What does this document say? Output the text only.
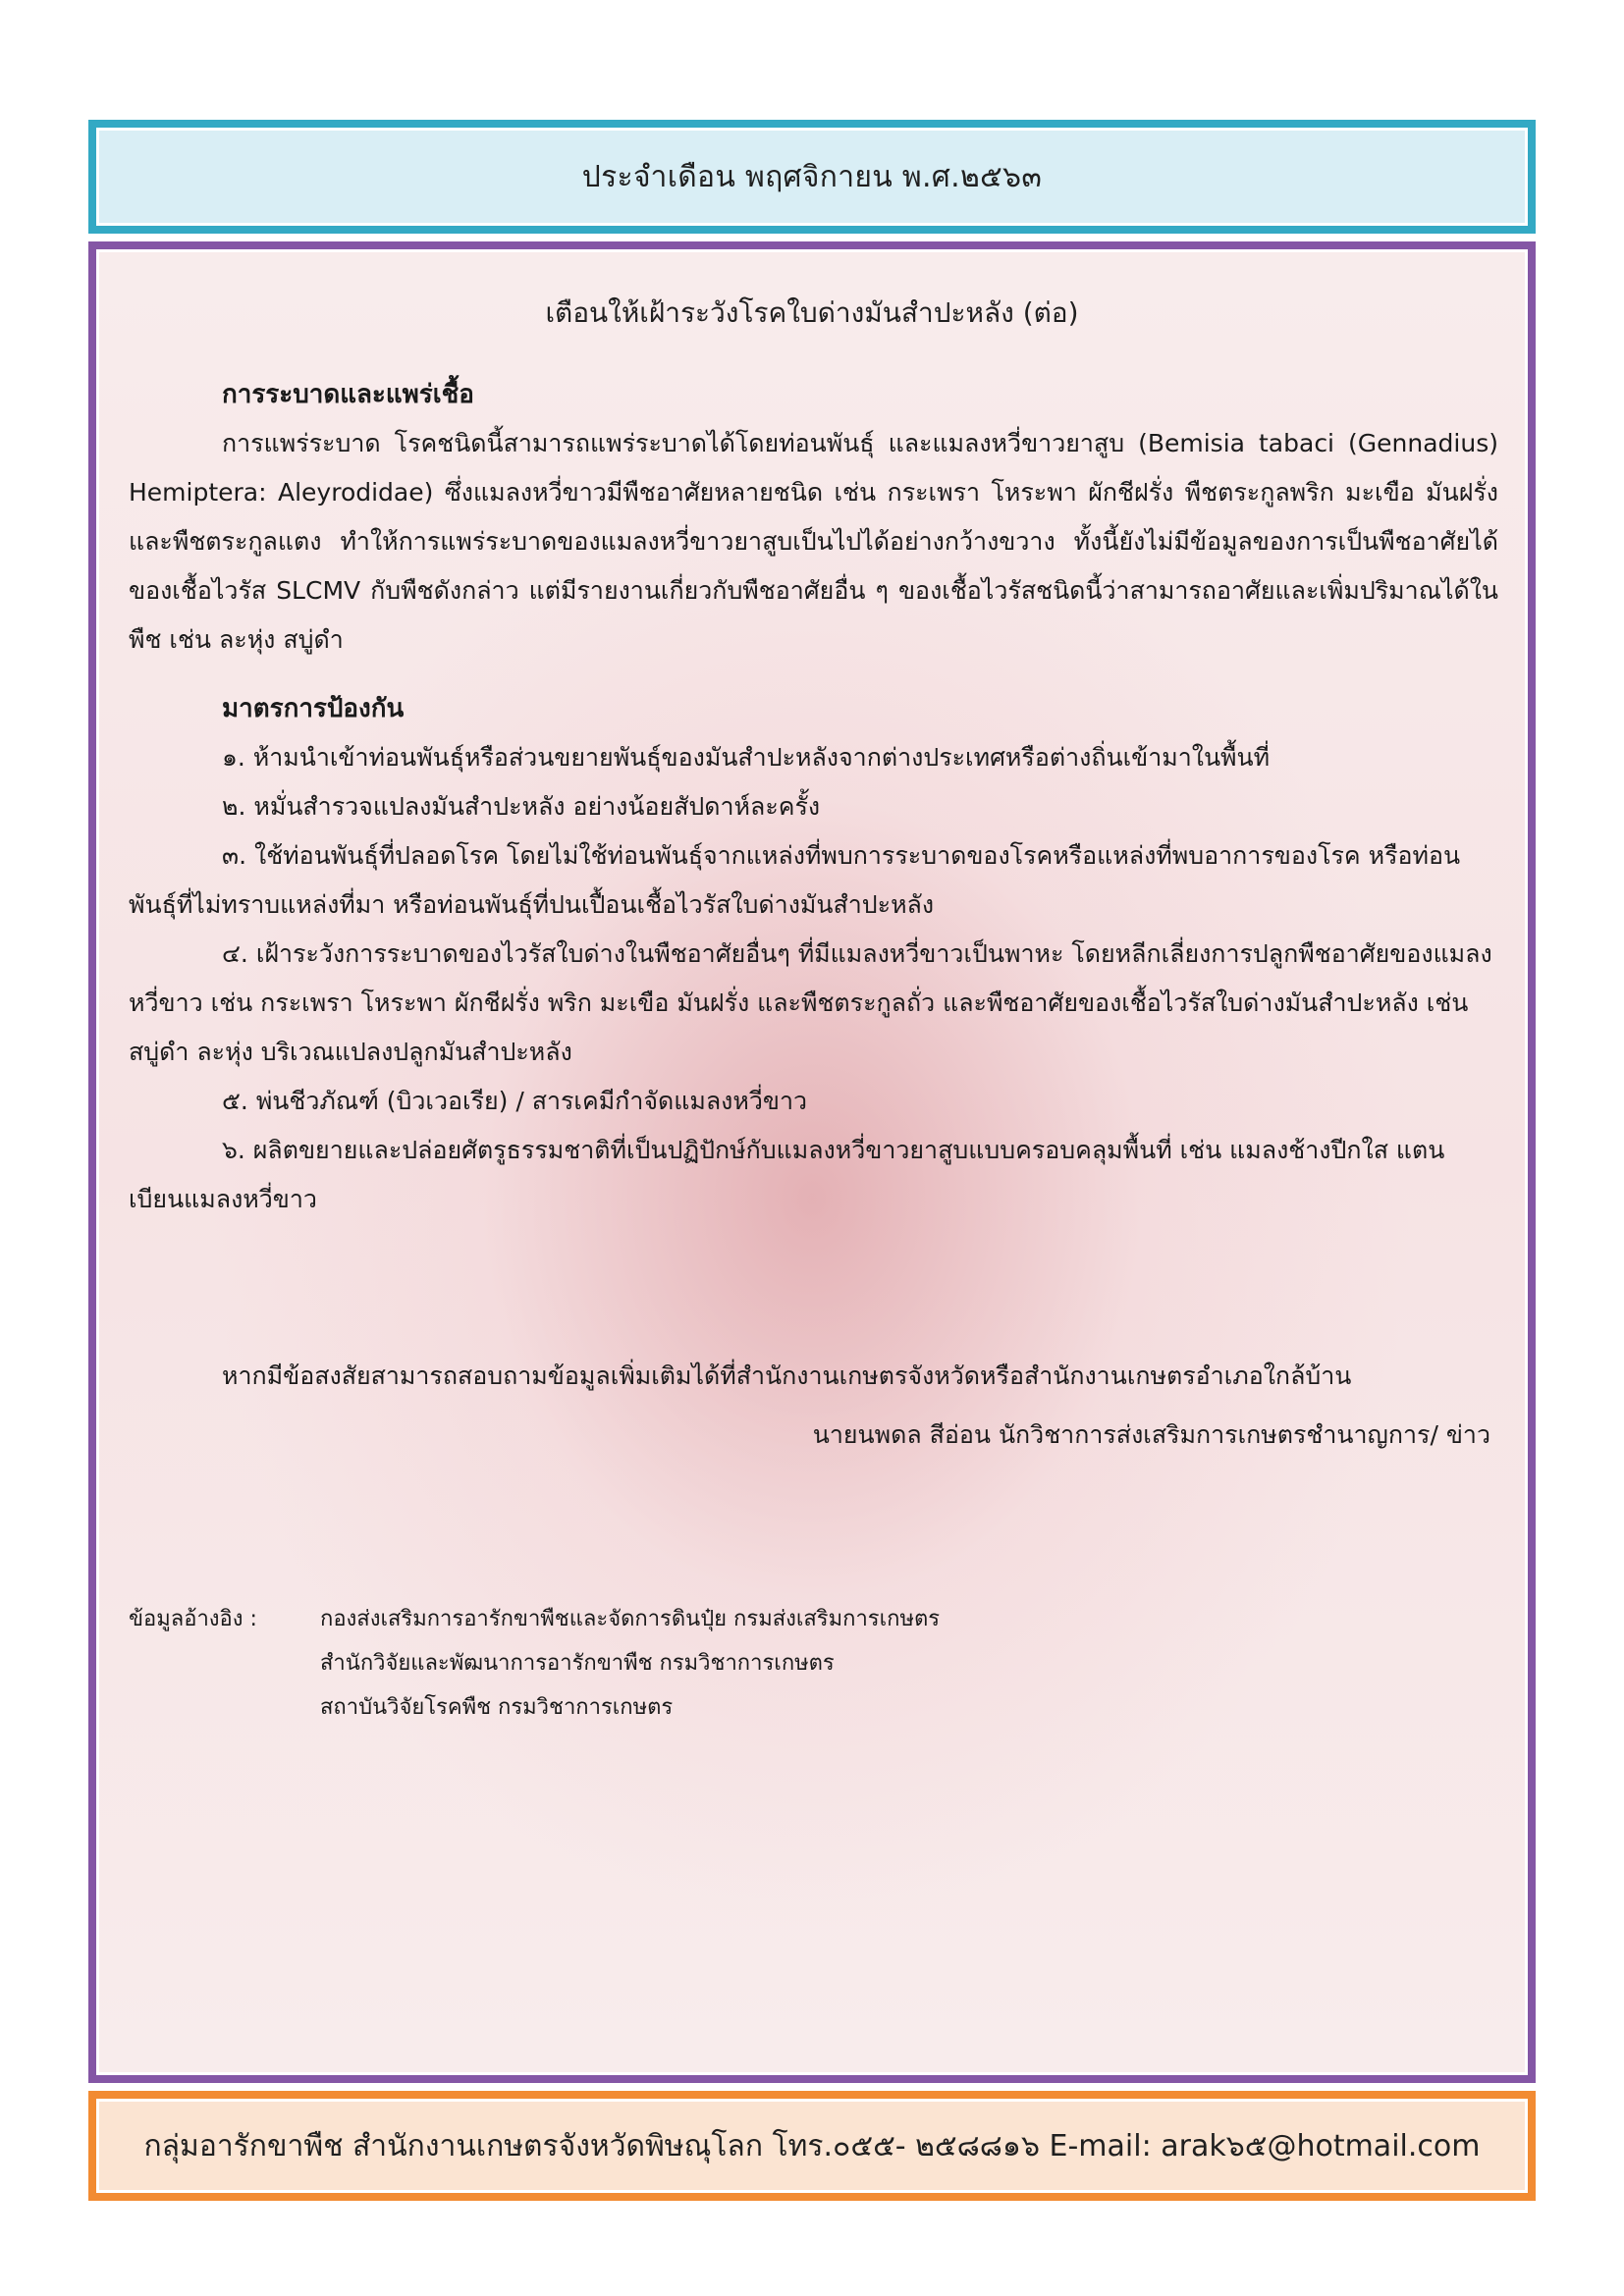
ประจำเดือน พฤศจิกายน พ.ศ.๒๕๖๓
เตือนให้เฝ้าระวังโรคใบด่างมันสำปะหลัง (ต่อ)
การระบาดและแพร่เชื้อ
การแพร่ระบาด โรคชนิดนี้สามารถแพร่ระบาดได้โดยท่อนพันธุ์ และแมลงหวี่ขาวยาสูบ (Bemisia tabaci (Gennadius) Hemiptera: Aleyrodidae) ซึ่งแมลงหวี่ขาวมีพืชอาศัยหลายชนิด เช่น กระเพรา โหระพา ผักชีฝรั่ง พืชตระกูลพริก มะเขือ มันฝรั่ง และพืชตระกูลแตง ทำให้การแพร่ระบาดของแมลงหวี่ขาวยาสูบเป็นไปได้อย่างกว้างขวาง ทั้งนี้ยังไม่มีข้อมูลของการเป็นพืชอาศัยได้ของเชื้อไวรัส SLCMV กับพืชดังกล่าว แต่มีรายงานเกี่ยวกับพืชอาศัยอื่น ๆ ของเชื้อไวรัสชนิดนี้ว่าสามารถอาศัยและเพิ่มปริมาณได้ในพืช เช่น ละหุ่ง สบู่ดำ
มาตรการป้องกัน
๑. ห้ามนำเข้าท่อนพันธุ์หรือส่วนขยายพันธุ์ของมันสำปะหลังจากต่างประเทศหรือต่างถิ่นเข้ามาในพื้นที่
๒. หมั่นสำรวจแปลงมันสำปะหลัง อย่างน้อยสัปดาห์ละครั้ง
๓. ใช้ท่อนพันธุ์ที่ปลอดโรค โดยไม่ใช้ท่อนพันธุ์จากแหล่งที่พบการระบาดของโรคหรือแหล่งที่พบอาการของโรค หรือท่อนพันธุ์ที่ไม่ทราบแหล่งที่มา หรือท่อนพันธุ์ที่ปนเปื้อนเชื้อไวรัสใบด่างมันสำปะหลัง
๔. เฝ้าระวังการระบาดของไวรัสใบด่างในพืชอาศัยอื่นๆ ที่มีแมลงหวี่ขาวเป็นพาหะ โดยหลีกเลี่ยงการปลูกพืชอาศัยของแมลงหวี่ขาว เช่น กระเพรา โหระพา ผักชีฝรั่ง พริก มะเขือ มันฝรั่ง และพืชตระกูลถั่ว และพืชอาศัยของเชื้อไวรัสใบด่างมันสำปะหลัง เช่น สบู่ดำ ละหุ่ง บริเวณแปลงปลูกมันสำปะหลัง
๕. พ่นชีวภัณฑ์ (บิวเวอเรีย) / สารเคมีกำจัดแมลงหวี่ขาว
๖. ผลิตขยายและปล่อยศัตรูธรรมชาติที่เป็นปฏิปักษ์กับแมลงหวี่ขาวยาสูบแบบครอบคลุมพื้นที่ เช่น แมลงช้างปีกใส แตนเบียนแมลงหวี่ขาว
หากมีข้อสงสัยสามารถสอบถามข้อมูลเพิ่มเติมได้ที่สำนักงานเกษตรจังหวัดหรือสำนักงานเกษตรอำเภอใกล้บ้าน
นายนพดล สีอ่อน นักวิชาการส่งเสริมการเกษตรชำนาญการ/ ข่าว
ข้อมูลอ้างอิง :	กองส่งเสริมการอารักขาพืชและจัดการดินปุ๋ย กรมส่งเสริมการเกษตร
สำนักวิจัยและพัฒนาการอารักขาพืช กรมวิชาการเกษตร
สถาบันวิจัยโรคพืช กรมวิชาการเกษตร
กลุ่มอารักขาพืช สำนักงานเกษตรจังหวัดพิษณุโลก โทร.๐๕๕- ๒๕๘๘๑๖ E-mail: arak๖๕@hotmail.com
